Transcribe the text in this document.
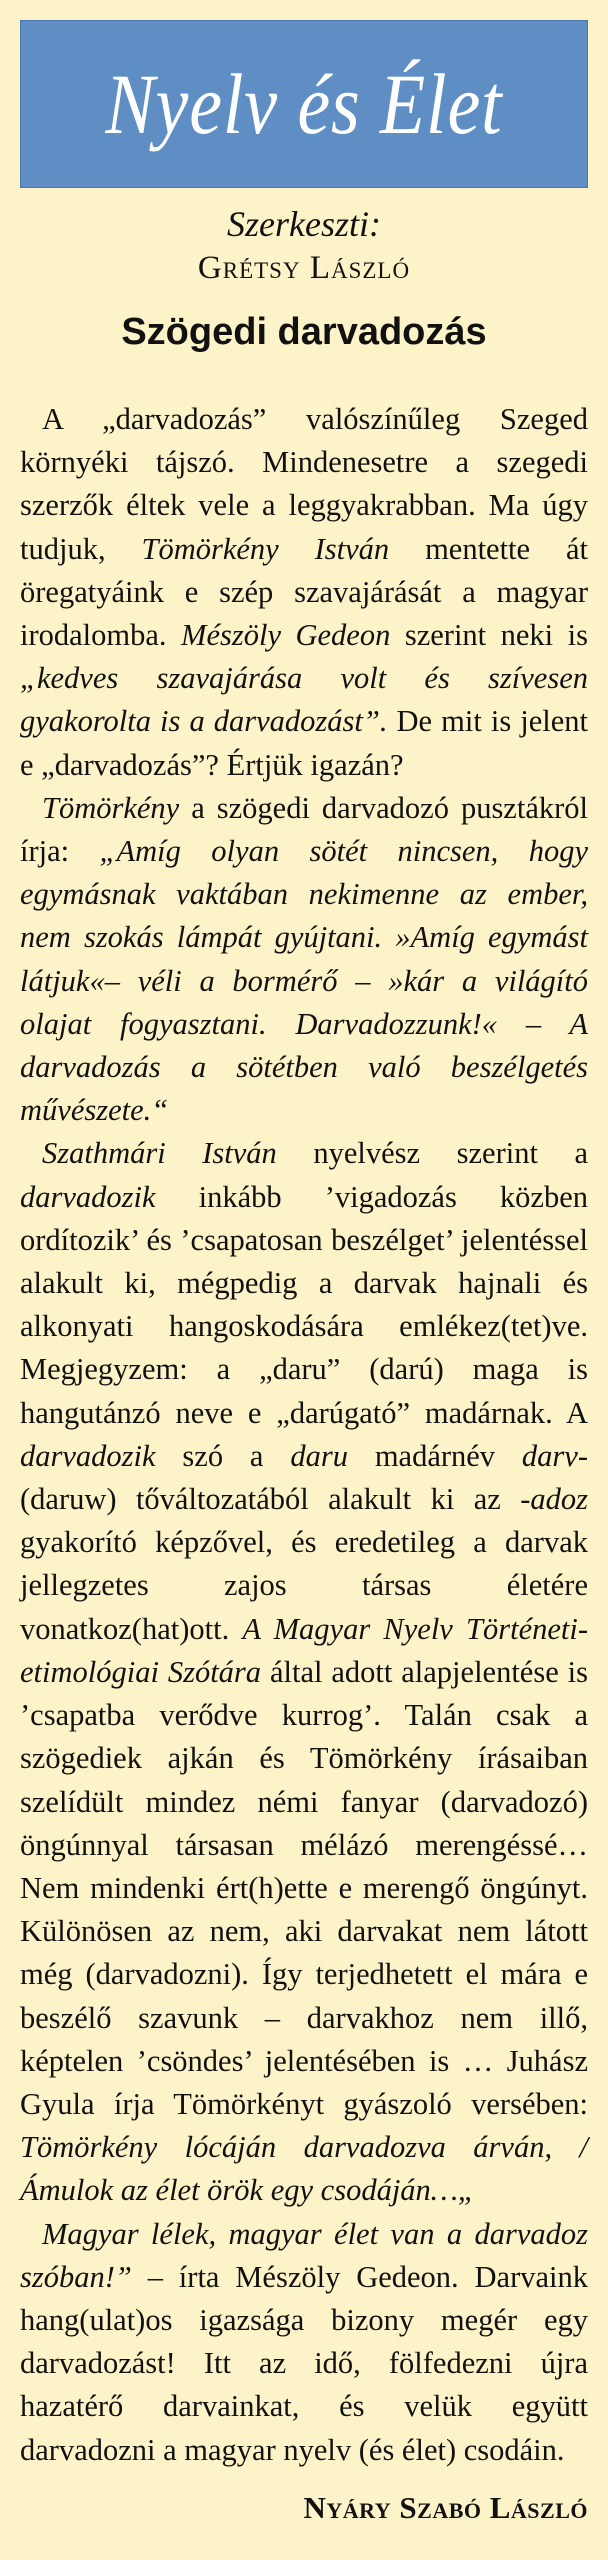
Nyelv és Élet
Szerkeszti:
Grétsy László
Szögedi darvadozás

A „darvadozás” valószínűleg Szeged környéki tájszó. Mindenesetre a szegedi szerzők éltek vele a leggyakrabban. Ma úgy tudjuk, Tömörkény István mentette át öregatyáink e szép szavajárását a magyar irodalomba. Mészöly Gedeon szerint neki is „kedves szavajárása volt és szívesen gyakorolta is a darvadozást”. De mit is jelent e „darvadozás”? Értjük igazán?

Tömörkény a szögedi darvadozó pusztákról írja: „Amíg olyan sötét nincsen, hogy egymásnak vaktában nekimenne az ember, nem szokás lámpát gyújtani. »Amíg egymást látjuk«– véli a bormérő – »kár a világító olajat fogyasztani. Darvadozzunk!« – A darvadozás a sötétben való beszélgetés művészete.“

Szathmári István nyelvész szerint a darvadozik inkább ’vigadozás közben ordítozik’ és ’csapatosan beszélget’ jelentéssel alakult ki, mégpedig a darvak hajnali és alkonyati hangoskodására emlékez(tet)ve. Megjegyzem: a „daru” (darú) maga is hangutánzó neve e „darúgató” madárnak. A darvadozik szó a daru madárnév darv- (daruw) tőváltozatából alakult ki az -adoz gyakorító képzővel, és eredetileg a darvak jellegzetes zajos társas életére vonatkoz(hat)ott. A Magyar Nyelv Történeti-etimológiai Szótára által adott alapjelentése is ’csapatba verődve kurrog’. Talán csak a szögediek ajkán és Tömörkény írásaiban szelídült mindez némi fanyar (darvadozó) öngúnnyal társasan mélázó merengéssé… Nem mindenki ért(h)ette e merengő öngúnyt. Különösen az nem, aki darvakat nem látott még (darvadozni). Így terjedhetett el mára e beszélő szavunk – darvakhoz nem illő, képtelen ’csöndes’ jelentésében is … Juhász Gyula írja Tömörkényt gyászoló versében: Tömörkény lócáján darvadozva árván, / Ámulok az élet örök egy csodáján…„

Magyar lélek, magyar élet van a darvadoz szóban!” – írta Mészöly Gedeon. Darvaink hang(ulat)os igazsága bizony megér egy darvadozást! Itt az idő, fölfedezni újra hazatérő darvainkat, és velük együtt darvadozni a magyar nyelv (és élet) csodáin.

Nyáry Szabó László
